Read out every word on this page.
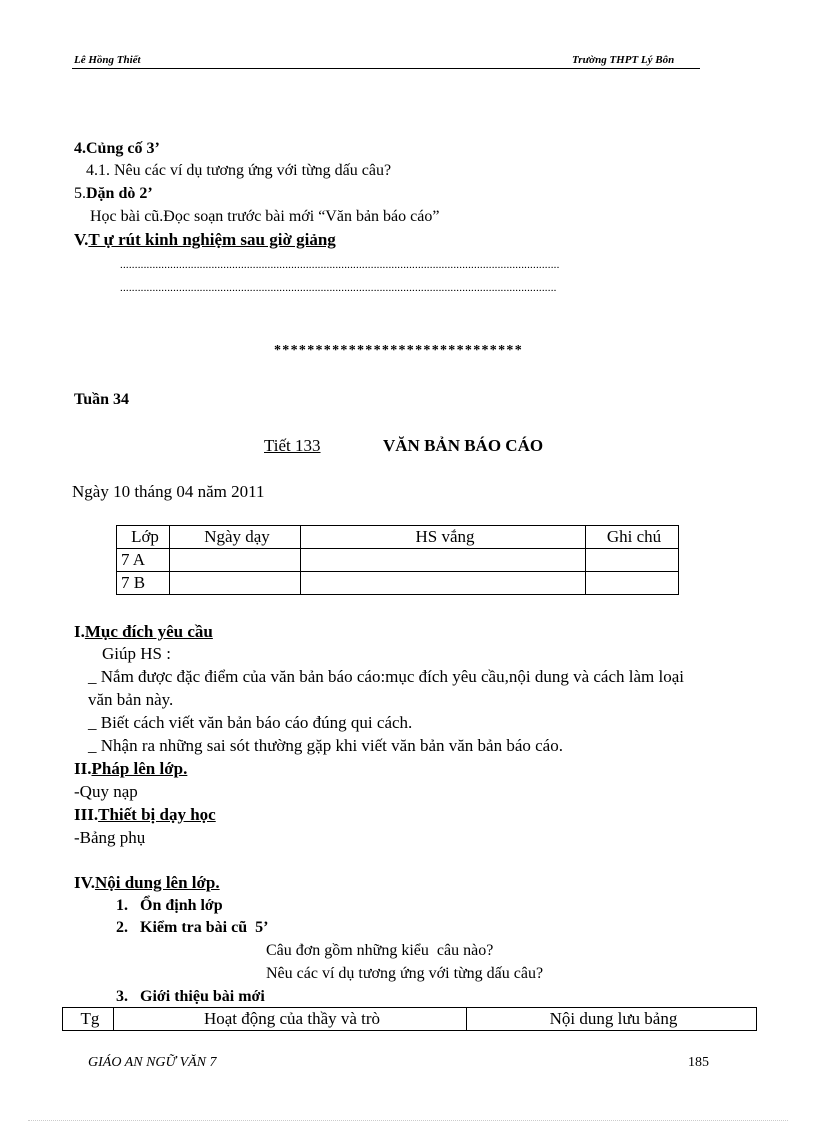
Lê Hồng Thiết	Trường THPT Lý Bôn
4.Củng cố 3’
4.1. Nêu các ví dụ tương ứng với từng dấu câu?
5.Dặn dò 2’
Học bài cũ.Đọc soạn trước bài mới “Văn bản báo cáo”
V.T ự rút kinh nghiệm sau giờ giảng
.....................................................................................................................................................
....................................................................................................................................................
******************************
Tuần 34
Tiết 133	VĂN BẢN BÁO CÁO
Ngày 10 tháng 04 năm 2011
Lớp	Ngày dạy	HS vắng	Ghi chú
7 A			
7 B			
I.Mục đích yêu cầu
Giúp HS :
_ Nắm được đặc điểm của văn bản báo cáo:mục đích yêu cầu,nội dung và cách làm loại
văn bản này.
_ Biết cách viết văn bản báo cáo đúng qui cách.
_ Nhận ra những sai sót thường gặp khi viết văn bản văn bản báo cáo.
II.Pháp lên lớp.
-Quy nạp
III.Thiết bị dạy học
-Bảng phụ
IV.Nội dung lên lớp.
1.   Ổn định lớp
2.   Kiểm tra bài cũ  5’
Câu đơn gồm những kiểu  câu nào?
Nêu các ví dụ tương ứng với từng dấu câu?
3.   Giới thiệu bài mới
Tg	Hoạt động của thầy và trò	Nội dung lưu bảng
GIÁO AN NGỮ VĂN 7	185
